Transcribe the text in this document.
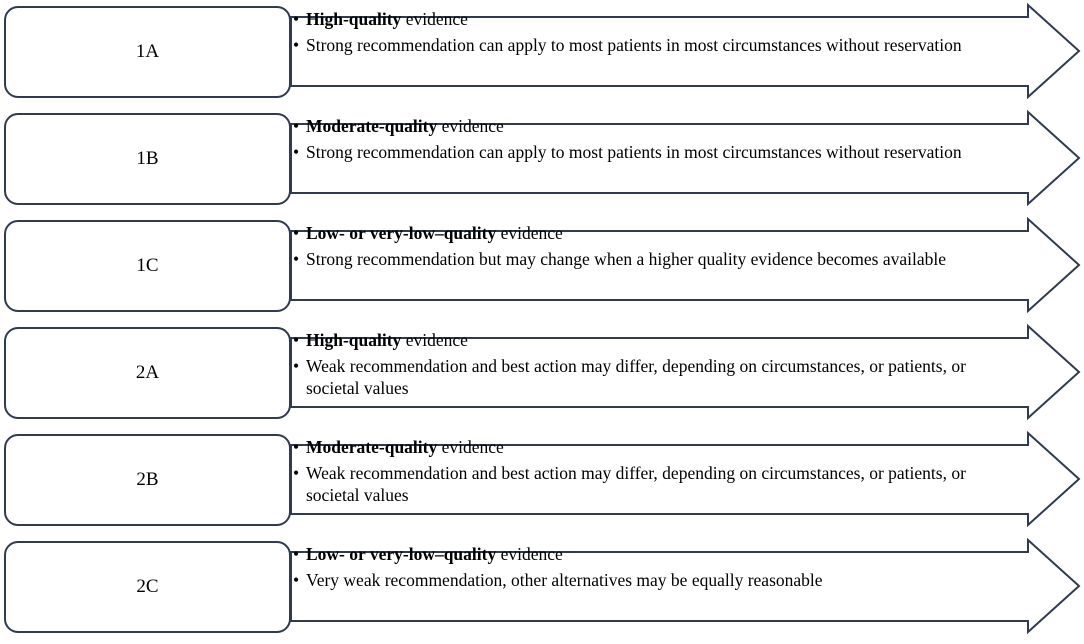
1A
• High-quality evidence
• Strong recommendation can apply to most patients in most circumstances without reservation
1B
• Moderate-quality evidence
• Strong recommendation can apply to most patients in most circumstances without reservation
1C
• Low- or very-low–quality evidence
• Strong recommendation but may change when a higher quality evidence becomes available
2A
• High-quality evidence
• Weak recommendation and best action may differ, depending on circumstances, or patients, or societal values
2B
• Moderate-quality evidence
• Weak recommendation and best action may differ, depending on circumstances, or patients, or societal values
2C
• Low- or very-low–quality evidence
• Very weak recommendation, other alternatives may be equally reasonable
